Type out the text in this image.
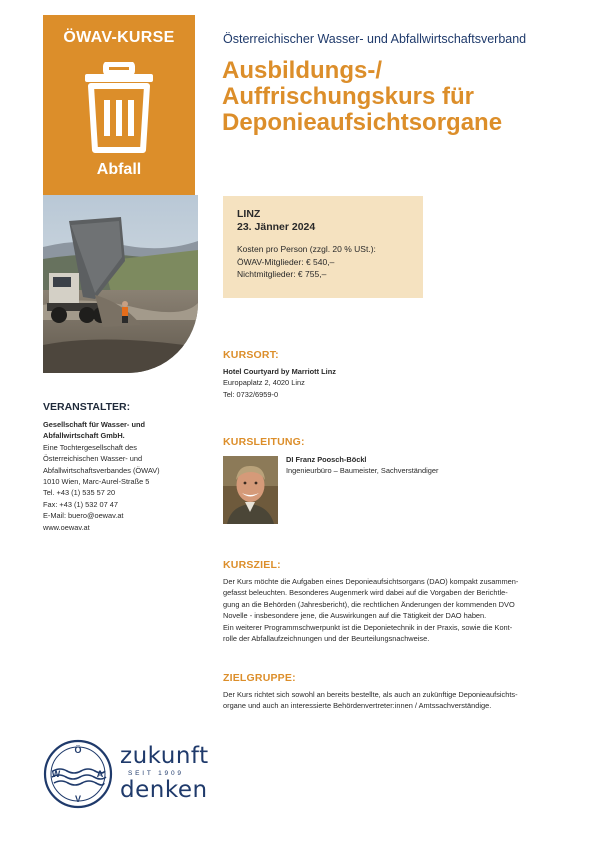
ÖWAV-KURSE
Abfall
Österreichischer Wasser- und Abfallwirtschaftsverband
Ausbildungs-/
Auffrischungskurs für
Deponieaufsichtsorgane
LINZ
23. Jänner 2024
Kosten pro Person (zzgl. 20 % USt.):
ÖWAV-Mitglieder: € 540,–
Nichtmitglieder: € 755,–
KURSORT:
Hotel Courtyard by Marriott Linz
Europaplatz 2, 4020 Linz
Tel: 0732/6959-0
KURSLEITUNG:
DI Franz Poosch-Böckl
Ingenieurbüro – Baumeister, Sachverständiger
KURSZIEL:
Der Kurs möchte die Aufgaben eines Deponieaufsichtsorgans (DAO) kompakt zusammen-
gefasst beleuchten. Besonderes Augenmerk wird dabei auf die Vorgaben der Berichtle-
gung an die Behörden (Jahresbericht), die rechtlichen Änderungen der kommenden DVO
Novelle - insbesondere jene, die Auswirkungen auf die Tätigkeit der DAO haben.
Ein weiterer Programmschwerpunkt ist die Deponietechnik in der Praxis, sowie die Kont-
rolle der Abfallaufzeichnungen und der Beurteilungsnachweise.
ZIELGRUPPE:
Der Kurs richtet sich sowohl an bereits bestellte, als auch an zukünftige Deponieaufsichts-
organe und auch an interessierte Behördenvertreter:innen / Amtssachverständige.
VERANSTALTER:
Gesellschaft für Wasser- und
Abfallwirtschaft GmbH.
Eine Tochtergesellschaft des
Österreichischen Wasser- und
Abfallwirtschaftsverbandes (ÖWAV)
1010 Wien, Marc-Aurel-Straße 5
Tel. +43 (1) 535 57 20
Fax: +43 (1) 532 07 47
E-Mail: buero@oewav.at
www.oewav.at
Ö
W	A
V
zukunft
SEIT 1909
denken
